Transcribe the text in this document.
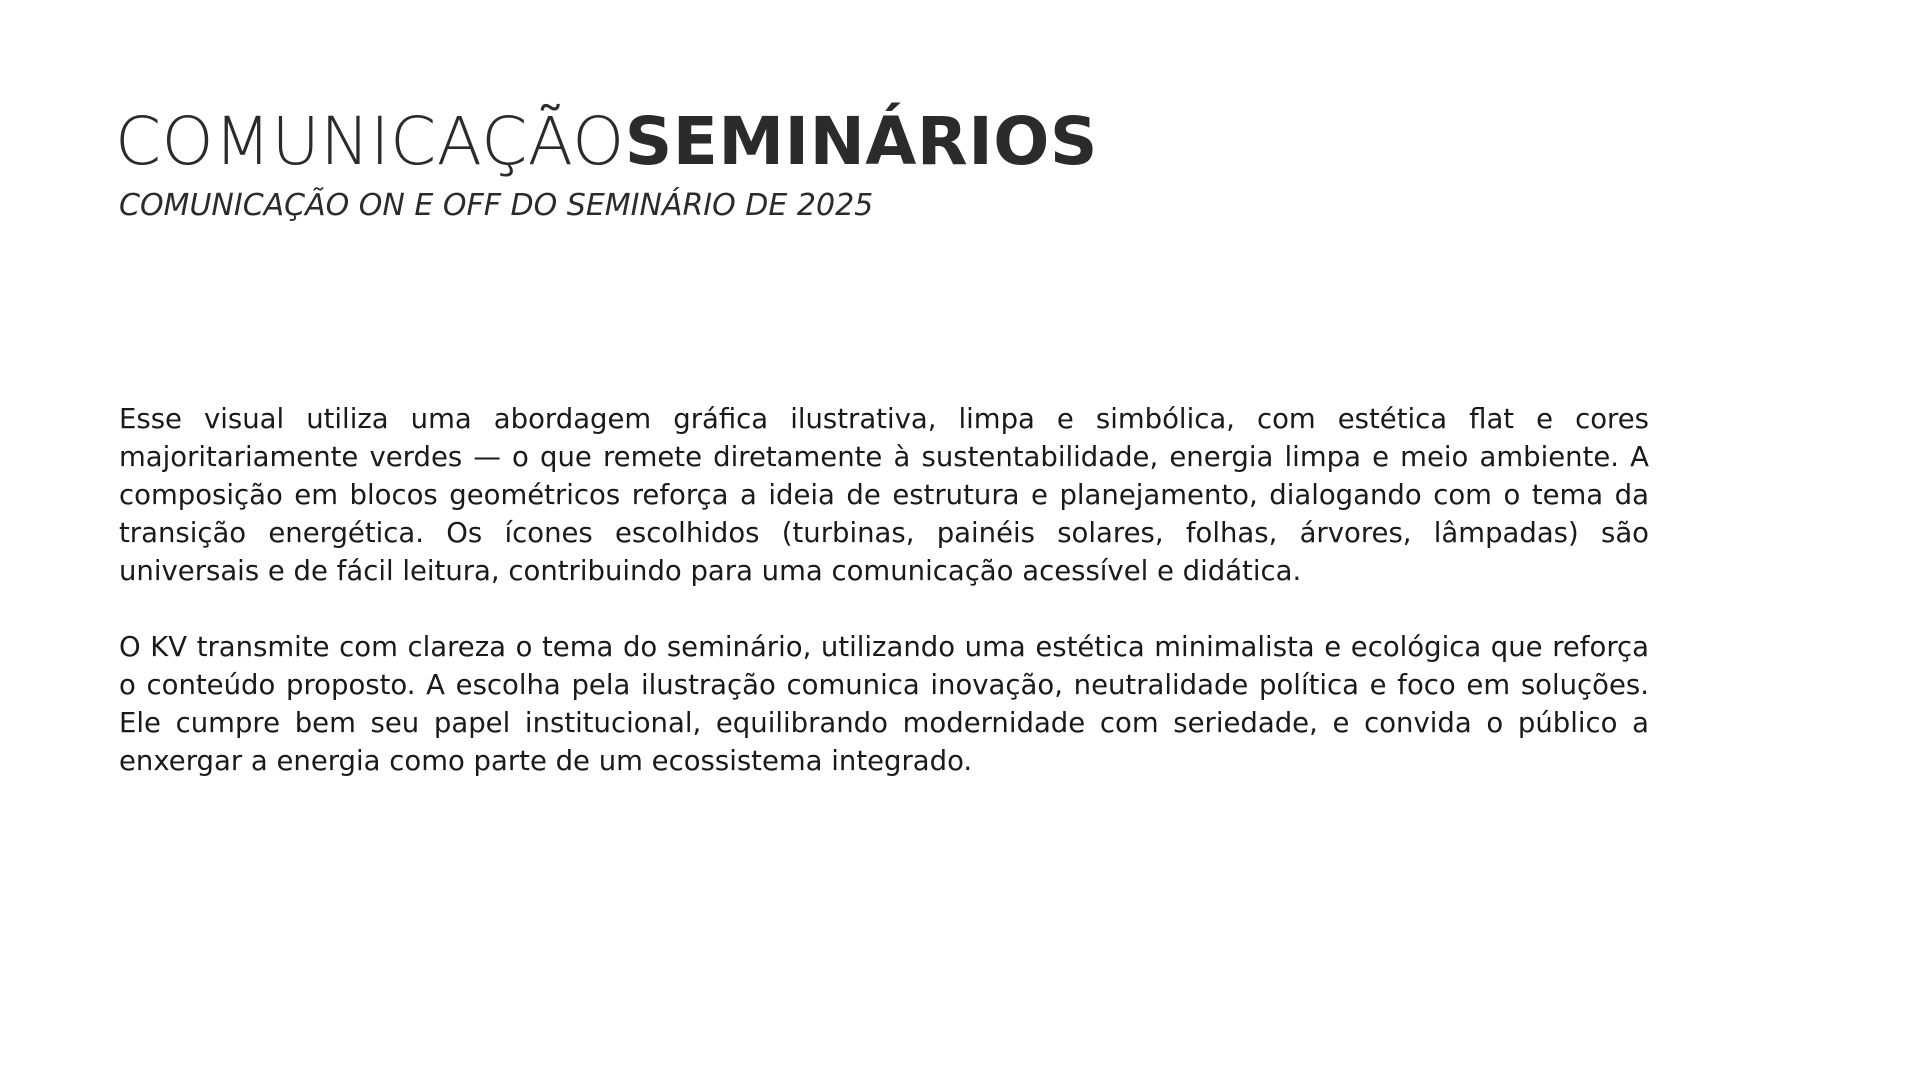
COMUNICAÇÃOSEMINÁRIOS
COMUNICAÇÃO ON E OFF DO SEMINÁRIO DE 2025

Esse visual utiliza uma abordagem gráfica ilustrativa, limpa e simbólica, com estética flat e cores majoritariamente verdes — o que remete diretamente à sustentabilidade, energia limpa e meio ambiente. A composição em blocos geométricos reforça a ideia de estrutura e planejamento, dialogando com o tema da transição energética. Os ícones escolhidos (turbinas, painéis solares, folhas, árvores, lâmpadas) são universais e de fácil leitura, contribuindo para uma comunicação acessível e didática.

O KV transmite com clareza o tema do seminário, utilizando uma estética minimalista e ecológica que reforça o conteúdo proposto. A escolha pela ilustração comunica inovação, neutralidade política e foco em soluções. Ele cumpre bem seu papel institucional, equilibrando modernidade com seriedade, e convida o público a enxergar a energia como parte de um ecossistema integrado.
